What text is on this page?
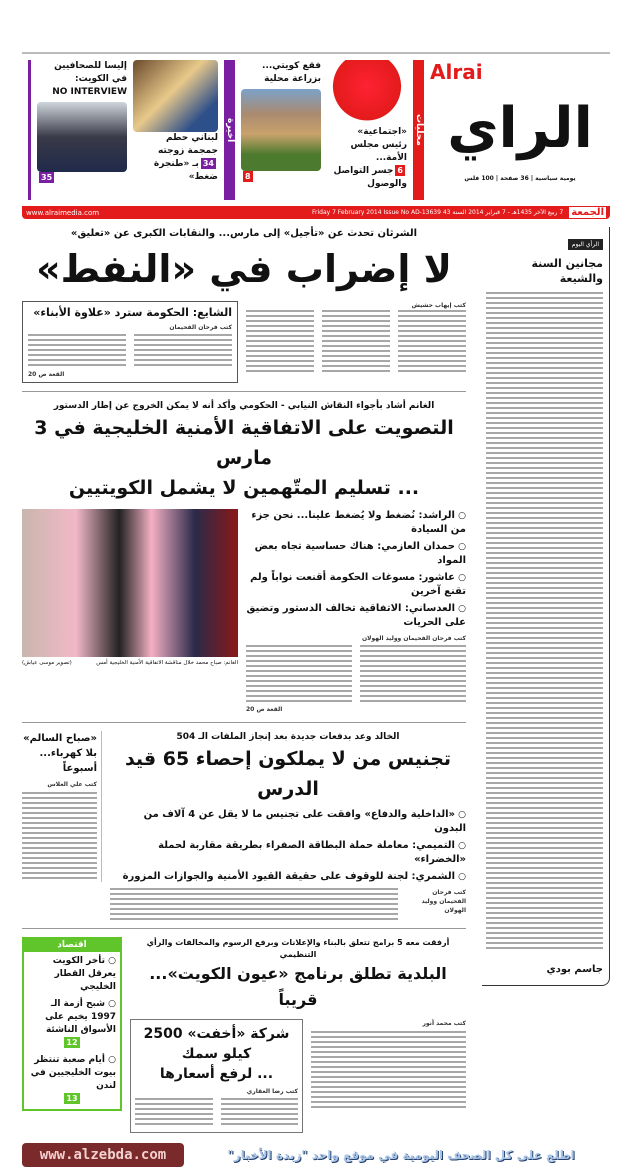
Alrai
الراي
يومية سياسية | 36 صفحة | 100 فلس
محليات
«اجتماعية»
رئيس مجلس الأمة...
6جسر التواصل والوصول
فقع كويتي...
بزراعة محلية
8
أخيرة
لبناني حطم
جمجمة زوجته
34بـ «طنجرة ضغط»
إليسا للصحافيين
في الكويت:
NO INTERVIEW
35
الجمعة
7 ربيع الآخر 1435هـ - 7 فبراير 2014 السنة 43 Friday 7 February 2014 Issue No AD-13639
www.alraimedia.com
الرأي اليوم
مجانين السنة والشيعة
جاسم بودي
الشرثان تحدث عن «تأجيل» إلى مارس... والنقابات الكبرى عن «تعليق»
لا إضراب في «النفط»
كتب إيهاب حشيش
الشايع: الحكومة سترد «علاوة الأبناء»
كتب فرحان الفحيمان
القعة ص 20
الغانم أشاد بأجواء النقاش النيابي - الحكومي وأكد أنه لا يمكن الخروج عن إطار الدستور
التصويت على الاتفاقية الأمنية الخليجية في 3 مارس
... تسليم المتّهمين لا يشمل الكويتيين
○ الراشد: نُضغط ولا يُضغط علينا... نحن جزء من السيادة
○ حمدان العازمي: هناك حساسية تجاه بعض المواد
○ عاشور: مسوغات الحكومة أقنعت نواباً ولم تقنع آخرين
○ العدساني: الاتفاقية تخالف الدستور وتضيق على الحريات
كتب فرحان الفحيمان ووليد الهولان
القعة ص 20
الغانم: صباح محمد خلال مناقشة الاتفاقية الأمنية الخليجية أمس
(تصوير موسى عياش)
الخالد وعد بدفعات جديدة بعد إنجاز الملفات الـ 504
تجنيس من لا يملكون إحصاء 65 قيد الدرس
○ «الداخلية والدفاع» وافقت على تجنيس ما لا يقل عن 4 آلاف من البدون
○ التميمي: معاملة حملة البطاقة الصفراء بطريقة مقاربة لحملة «الخضراء»
○ الشمري: لجنة للوقوف على حقيقة القيود الأمنية والجوازات المزورة
كتب فرحان الفحيمان ووليد الهولان
«صباح السالم» بلا كهرباء... أسبوعاً
كتب علي العلاس
أرفقت معه 5 برامج تتعلق بالبناء والإعلانات وبرفع الرسوم والمخالفات والرأي التنظيمي
البلدية تطلق برنامج «عيون الكويت»... قريباً
كتب محمد أنور
شركة «أخفت» 2500 كيلو سمك
... لرفع أسعارها
كتب رضا العقاري
اقتصاد
○ تأخر الكويت يعرقل القطار الخليجي
○ شبح أزمة الـ 1997 يخيم على الأسواق الناشئة
12
○ أيام صعبة تنتظر بيوت الخليجيين في لندن
13
www.alzebda.com	اطلع على كل الصحف اليومية في موقع واحد "زبدة الأخبار"
